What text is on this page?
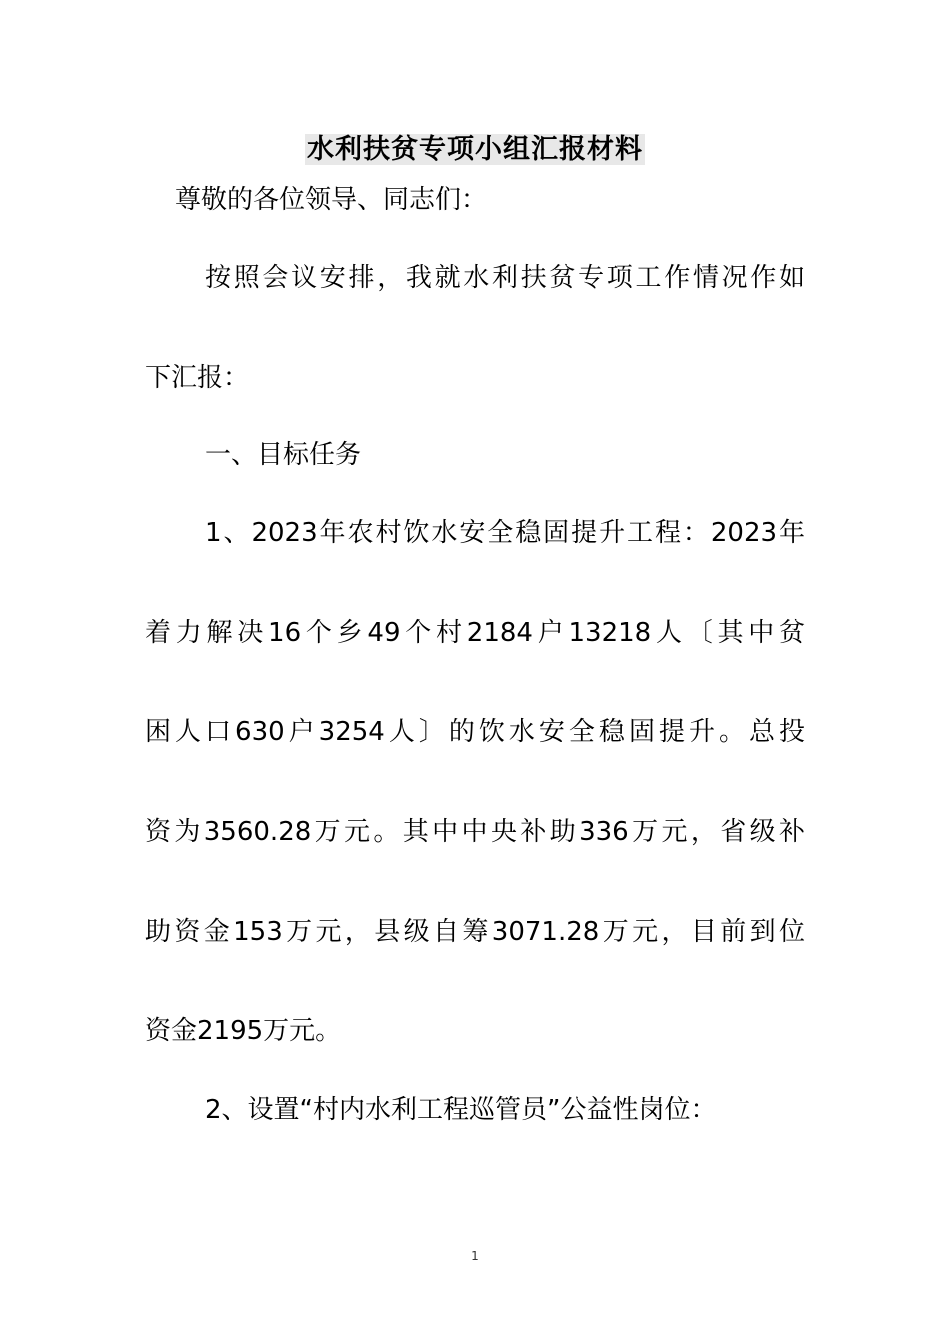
水利扶贫专项小组汇报材料
尊敬的各位领导、同志们：
按照会议安排，我就水利扶贫专项工作情况作如
下汇报：
一、目标任务
1、2023年农村饮水安全稳固提升工程：2023年
着力解决16个乡49个村2184户13218人〔其中贫
困人口630户3254人〕的饮水安全稳固提升。总投
资为3560.28万元。其中中央补助336万元，省级补
助资金153万元，县级自筹3071.28万元，目前到位
资金2195万元。
2、设置“村内水利工程巡管员”公益性岗位：
1
